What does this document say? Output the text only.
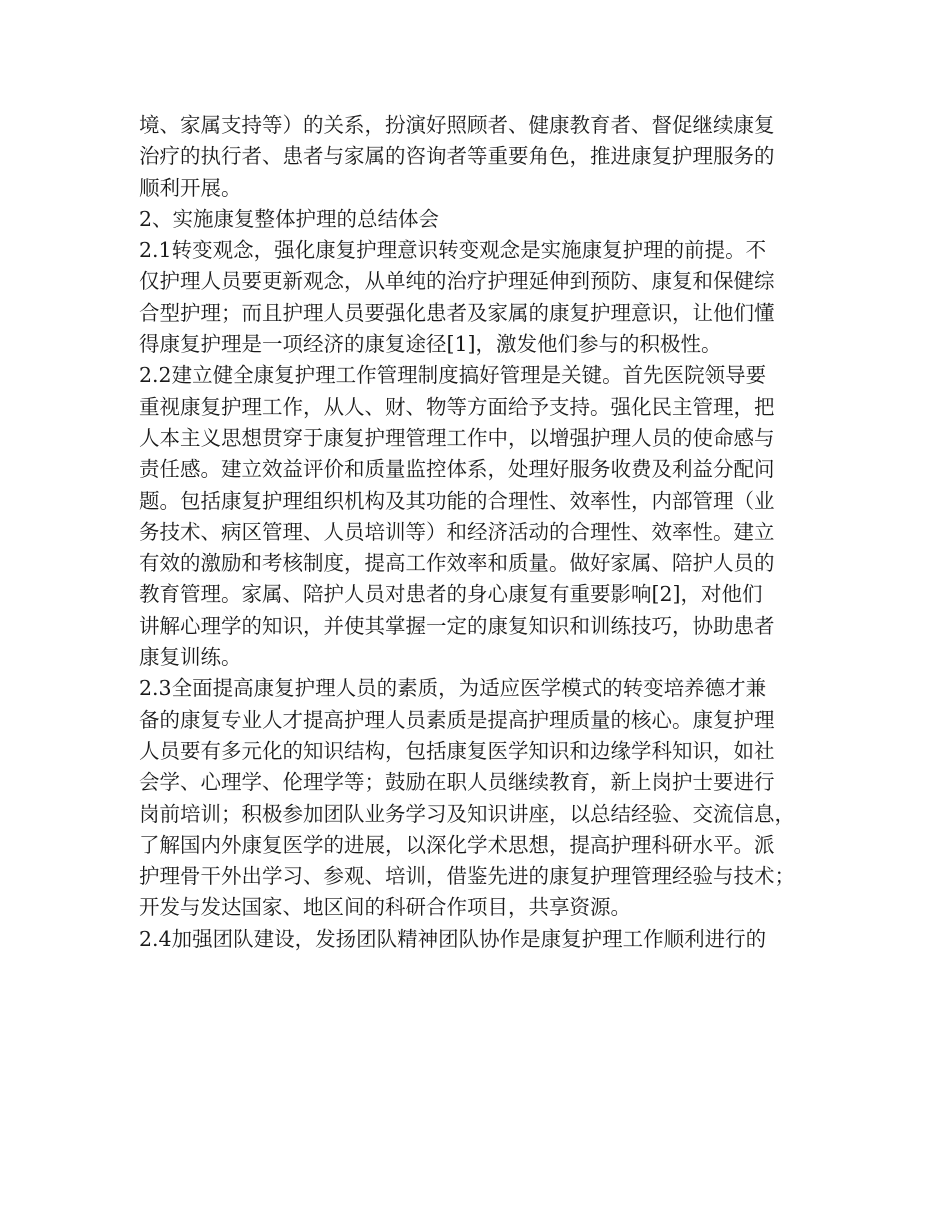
境、家属支持等）的关系，扮演好照顾者、健康教育者、督促继续康复
治疗的执行者、患者与家属的咨询者等重要角色，推进康复护理服务的
顺利开展。
2、实施康复整体护理的总结体会
2.1转变观念，强化康复护理意识转变观念是实施康复护理的前提。不
仅护理人员要更新观念，从单纯的治疗护理延伸到预防、康复和保健综
合型护理；而且护理人员要强化患者及家属的康复护理意识，让他们懂
得康复护理是一项经济的康复途径[1]，激发他们参与的积极性。
2.2建立健全康复护理工作管理制度搞好管理是关键。首先医院领导要
重视康复护理工作，从人、财、物等方面给予支持。强化民主管理，把
人本主义思想贯穿于康复护理管理工作中，以增强护理人员的使命感与
责任感。建立效益评价和质量监控体系，处理好服务收费及利益分配问
题。包括康复护理组织机构及其功能的合理性、效率性，内部管理（业
务技术、病区管理、人员培训等）和经济活动的合理性、效率性。建立
有效的激励和考核制度，提高工作效率和质量。做好家属、陪护人员的
教育管理。家属、陪护人员对患者的身心康复有重要影响[2]，对他们
讲解心理学的知识，并使其掌握一定的康复知识和训练技巧，协助患者
康复训练。
2.3全面提高康复护理人员的素质，为适应医学模式的转变培养德才兼
备的康复专业人才提高护理人员素质是提高护理质量的核心。康复护理
人员要有多元化的知识结构，包括康复医学知识和边缘学科知识，如社
会学、心理学、伦理学等；鼓励在职人员继续教育，新上岗护士要进行
岗前培训；积极参加团队业务学习及知识讲座，以总结经验、交流信息，
了解国内外康复医学的进展，以深化学术思想，提高护理科研水平。派
护理骨干外出学习、参观、培训，借鉴先进的康复护理管理经验与技术；
开发与发达国家、地区间的科研合作项目，共享资源。
2.4加强团队建设，发扬团队精神团队协作是康复护理工作顺利进行的
